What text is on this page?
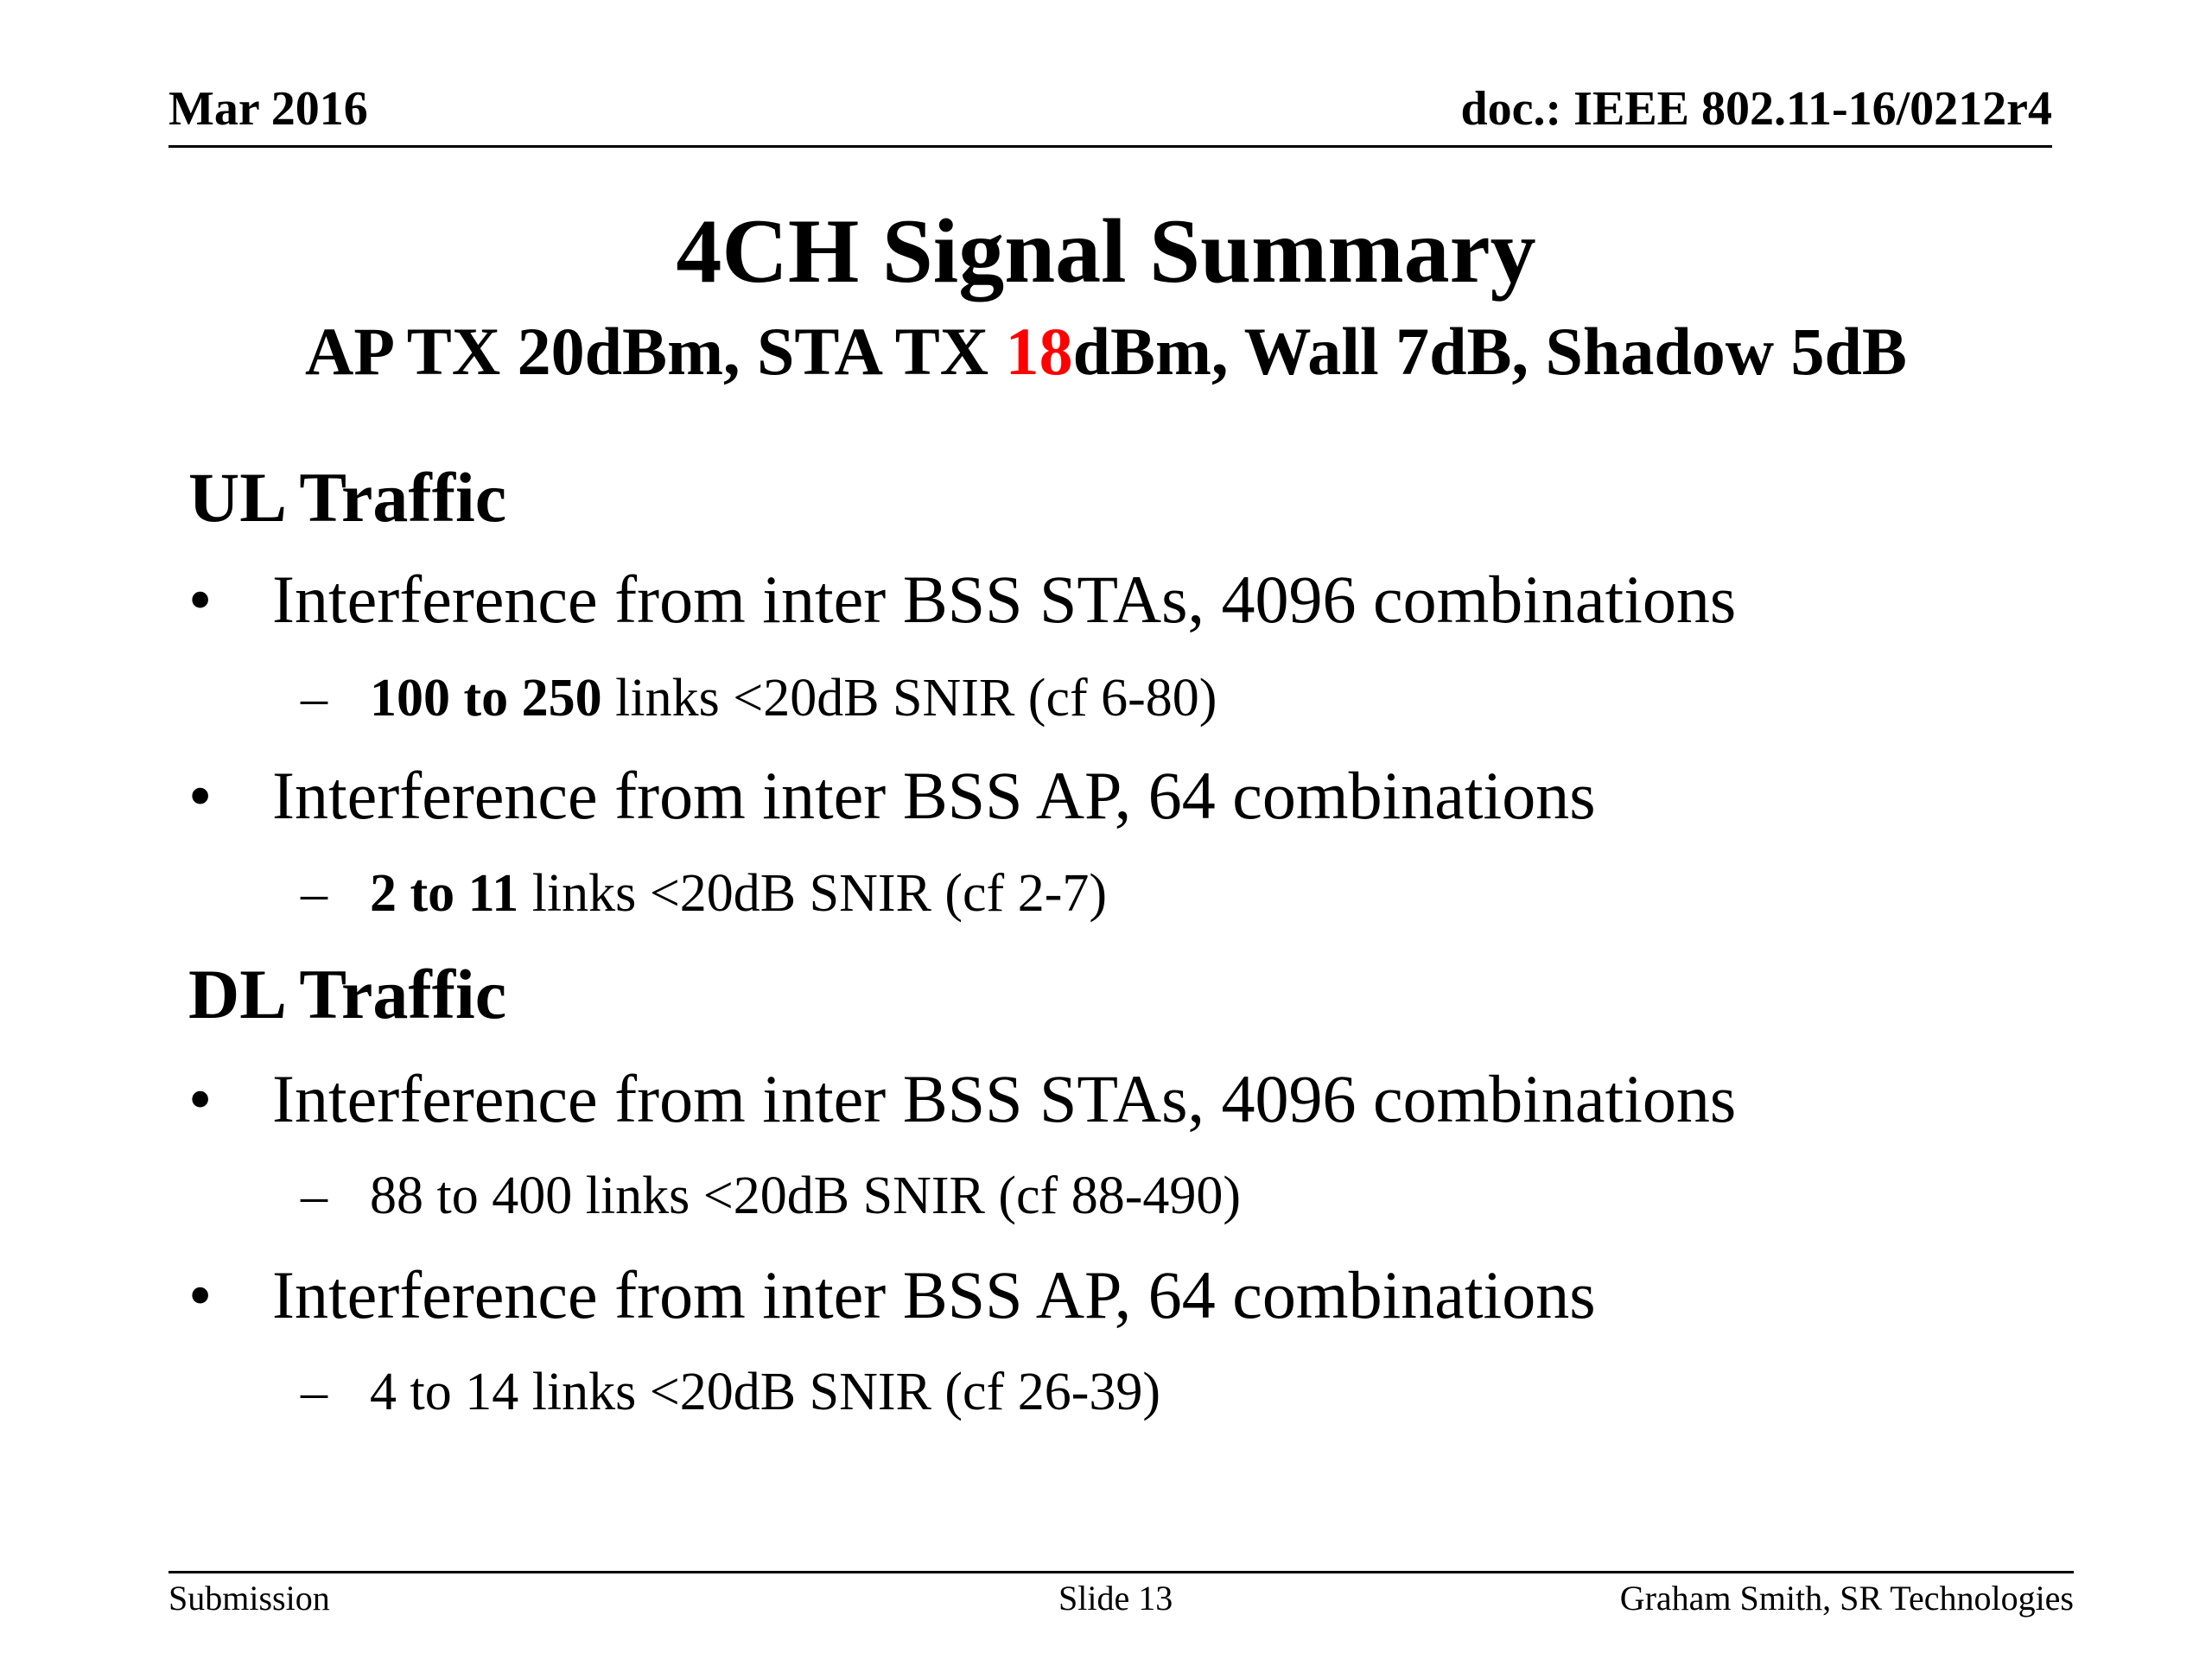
Mar 2016	doc.: IEEE 802.11-16/0212r4
4CH Signal Summary
AP TX 20dBm, STA TX 18dBm, Wall 7dB, Shadow 5dB
UL Traffic
• Interference from inter BSS STAs, 4096 combinations
– 100 to 250 links <20dB SNIR (cf 6-80)
• Interference from inter BSS AP, 64 combinations
– 2 to 11 links <20dB SNIR (cf 2-7)
DL Traffic
• Interference from inter BSS STAs, 4096 combinations
– 88 to 400 links <20dB SNIR (cf 88-490)
• Interference from inter BSS AP, 64 combinations
– 4 to 14 links <20dB SNIR (cf 26-39)
Submission	Slide 13	Graham Smith, SR Technologies
